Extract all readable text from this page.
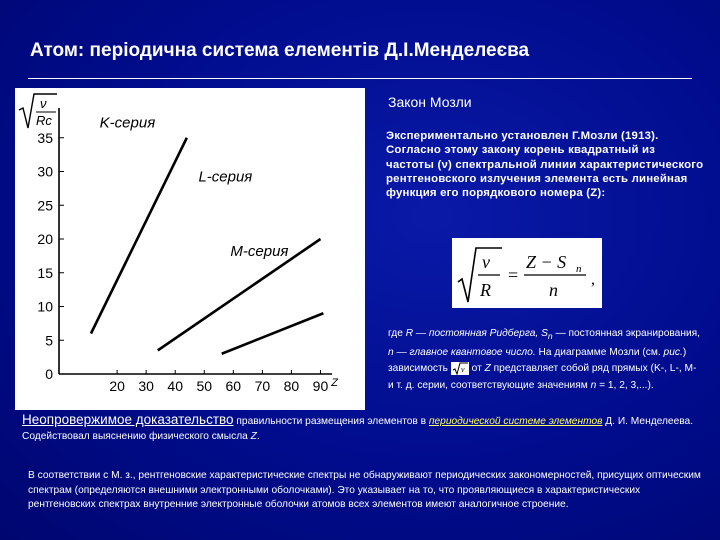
Атом: періодична система елементів Д.І.Менделеєва
ν
Rc
35
30
25
20
15
10
5
0
20 30 40 50 60 70 80 90 Z
K-серия
L-серия
M-серия
Закон Мозли
Экспериментально установлен Г.Мозли (1913). Согласно этому закону корень квадратный из частоты (ν) спектральной линии характеристического рентгеновского излучения элемента есть линейная функция его порядкового номера (Z):
ν
R
=
Z − S n
n
,
где R — постоянная Ридберга, $S_n$ — постоянная экранирования, n — главное квантовое число. На диаграмме Мозли (см. рис.) зависимость ν от Z представляет собой ряд прямых (K-, L-, M- и т. д. серии, соответствующие значениям n = 1, 2, 3,...).
Неопровержимое доказательство правильности размещения элементов в периодической системе элементов Д. И. Менделеева. Содействовал выяснению физического смысла Z.
В соответствии с М. з., рентгеновские характеристические спектры не обнаруживают периодических закономерностей, присущих оптическим спектрам (определяются внешними электронными оболочками). Это указывает на то, что проявляющиеся в характеристических рентгеновских спектрах внутренние электронные оболочки атомов всех элементов имеют аналогичное строение.
